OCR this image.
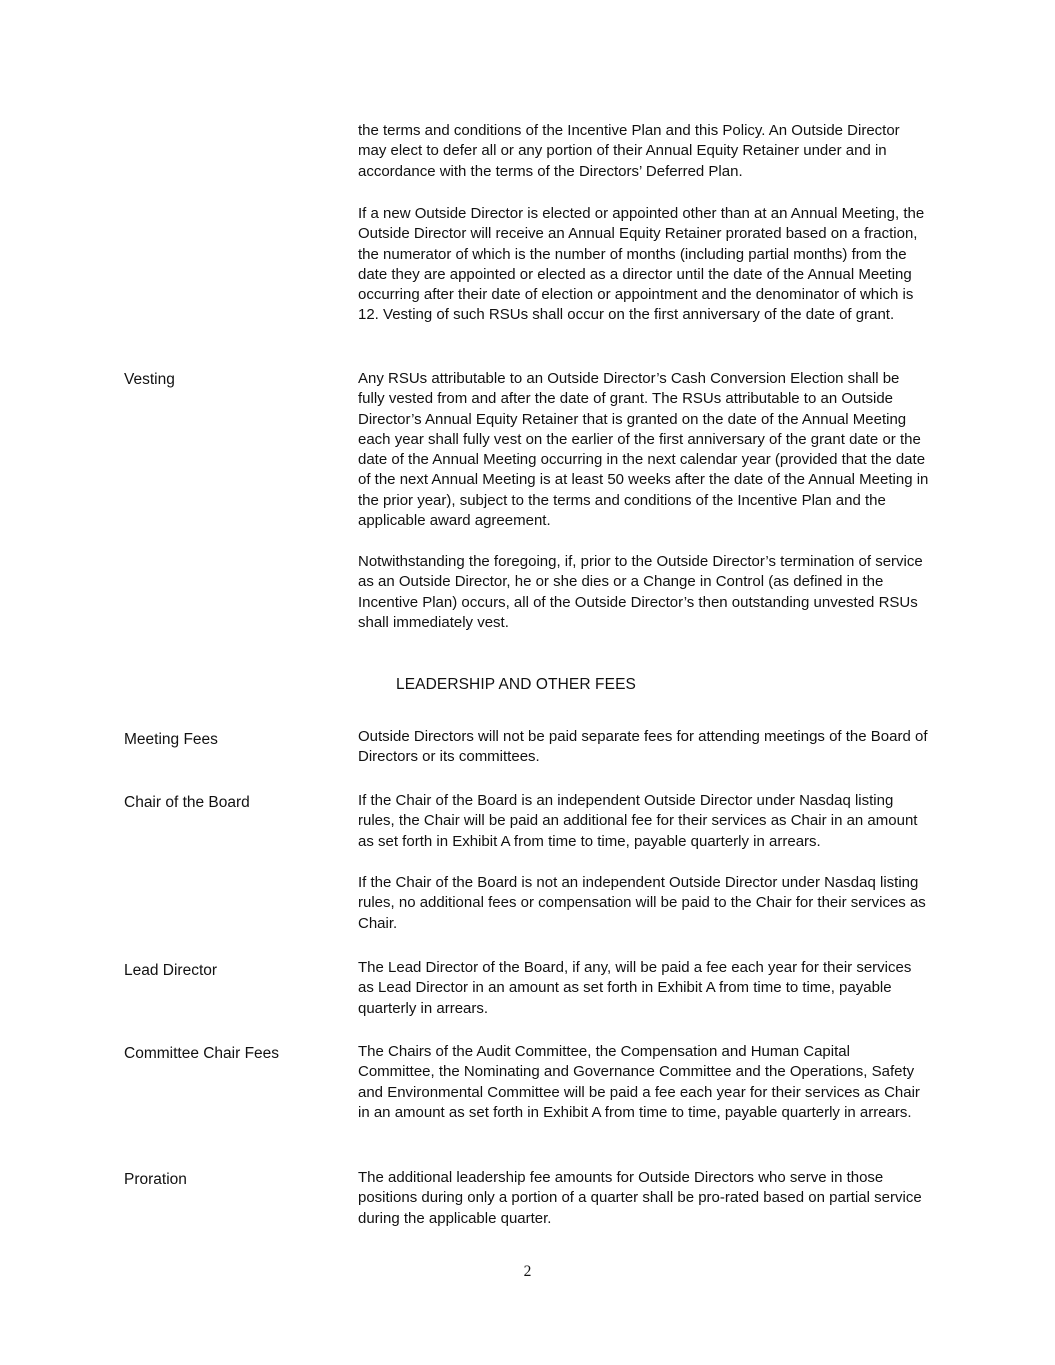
the terms and conditions of the Incentive Plan and this Policy. An Outside Director may elect to defer all or any portion of their Annual Equity Retainer under and in accordance with the terms of the Directors’ Deferred Plan.

If a new Outside Director is elected or appointed other than at an Annual Meeting, the Outside Director will receive an Annual Equity Retainer prorated based on a fraction, the numerator of which is the number of months (including partial months) from the date they are appointed or elected as a director until the date of the Annual Meeting occurring after their date of election or appointment and the denominator of which is 12. Vesting of such RSUs shall occur on the first anniversary of the date of grant.

Vesting	Any RSUs attributable to an Outside Director’s Cash Conversion Election shall be fully vested from and after the date of grant. The RSUs attributable to an Outside Director’s Annual Equity Retainer that is granted on the date of the Annual Meeting each year shall fully vest on the earlier of the first anniversary of the grant date or the date of the Annual Meeting occurring in the next calendar year (provided that the date of the next Annual Meeting is at least 50 weeks after the date of the Annual Meeting in the prior year), subject to the terms and conditions of the Incentive Plan and the applicable award agreement.

Notwithstanding the foregoing, if, prior to the Outside Director’s termination of service as an Outside Director, he or she dies or a Change in Control (as defined in the Incentive Plan) occurs, all of the Outside Director’s then outstanding unvested RSUs shall immediately vest.

LEADERSHIP AND OTHER FEES

Meeting Fees	Outside Directors will not be paid separate fees for attending meetings of the Board of Directors or its committees.

Chair of the Board	If the Chair of the Board is an independent Outside Director under Nasdaq listing rules, the Chair will be paid an additional fee for their services as Chair in an amount as set forth in Exhibit A from time to time, payable quarterly in arrears.

If the Chair of the Board is not an independent Outside Director under Nasdaq listing rules, no additional fees or compensation will be paid to the Chair for their services as Chair.

Lead Director	The Lead Director of the Board, if any, will be paid a fee each year for their services as Lead Director in an amount as set forth in Exhibit A from time to time, payable quarterly in arrears.

Committee Chair Fees	The Chairs of the Audit Committee, the Compensation and Human Capital Committee, the Nominating and Governance Committee and the Operations, Safety and Environmental Committee will be paid a fee each year for their services as Chair in an amount as set forth in Exhibit A from time to time, payable quarterly in arrears.

Proration	The additional leadership fee amounts for Outside Directors who serve in those positions during only a portion of a quarter shall be pro-rated based on partial service during the applicable quarter.

2
